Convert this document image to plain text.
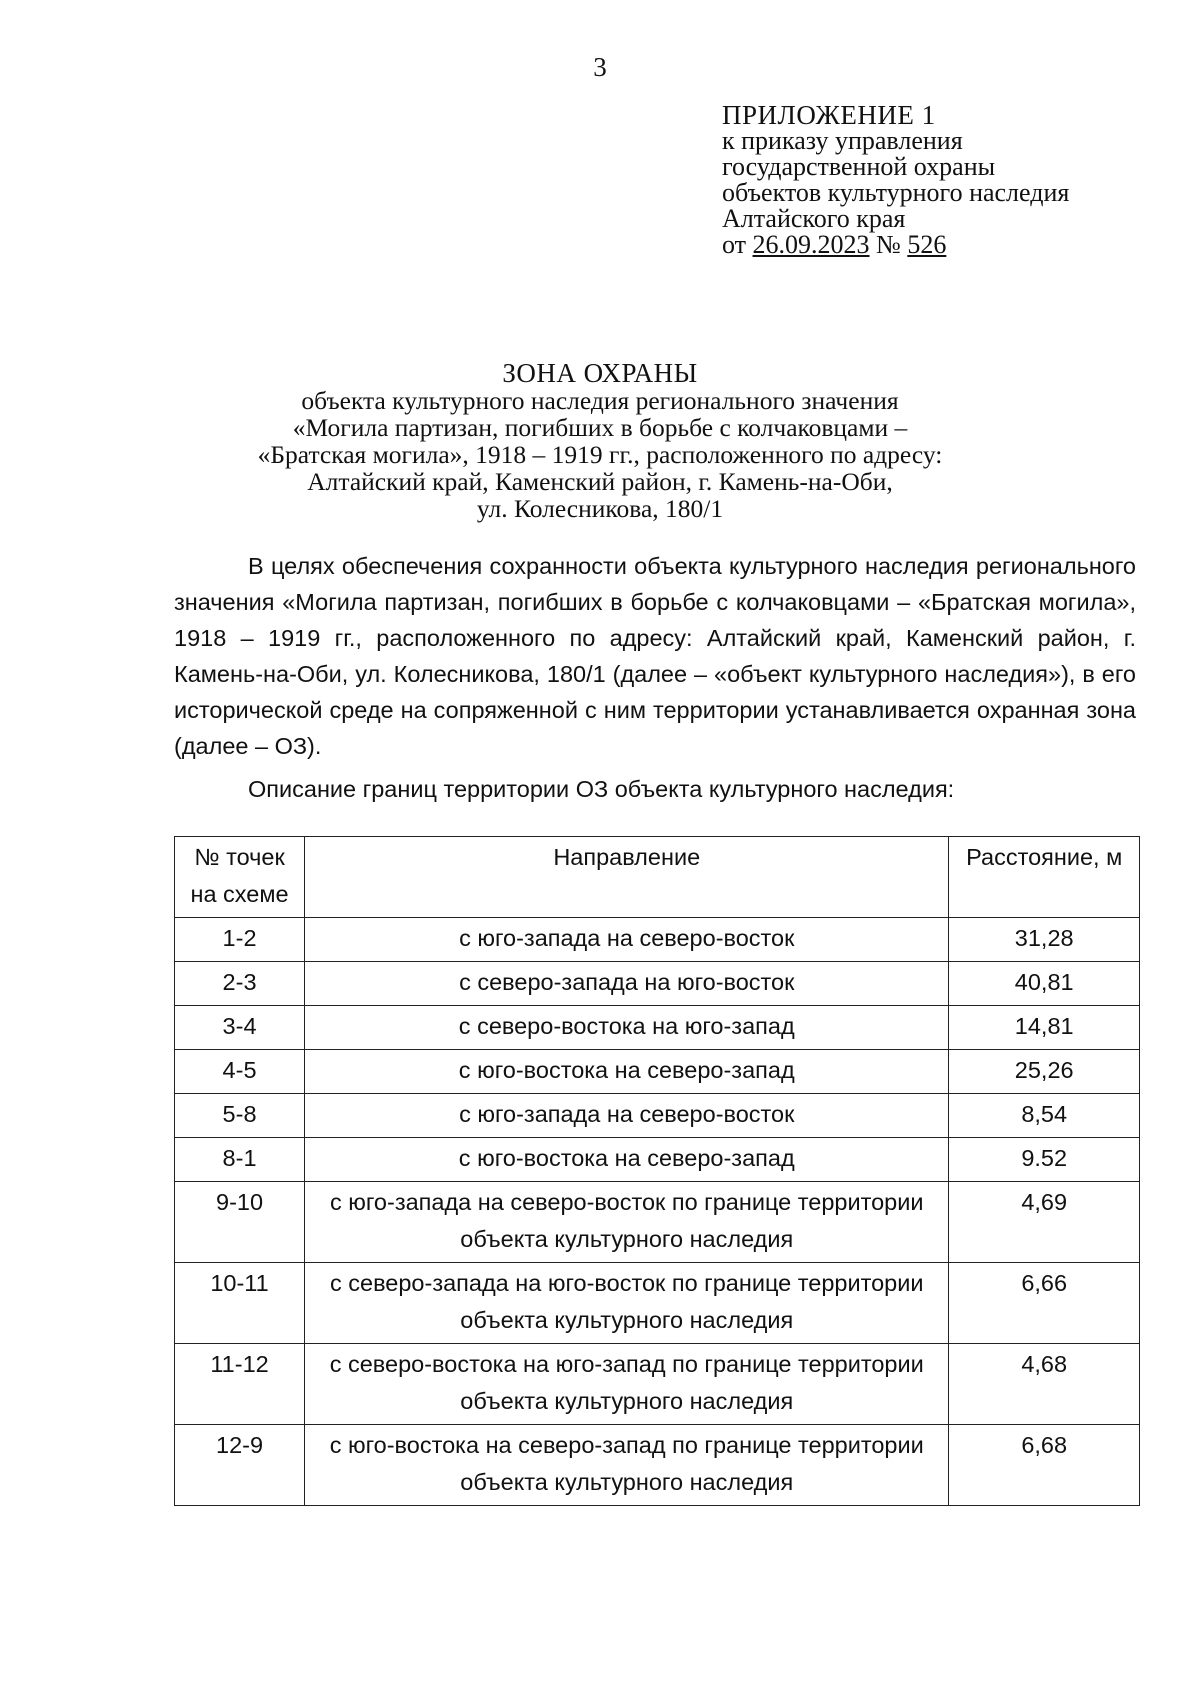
3
ПРИЛОЖЕНИЕ 1
к приказу управления
государственной охраны
объектов культурного наследия
Алтайского края
от 26.09.2023 № 526
ЗОНА ОХРАНЫ
объекта культурного наследия регионального значения
«Могила партизан, погибших в борьбе с колчаковцами –
«Братская могила», 1918 – 1919 гг., расположенного по адресу:
Алтайский край, Каменский район, г. Камень-на-Оби,
ул. Колесникова, 180/1

В целях обеспечения сохранности объекта культурного наследия регионального значения «Могила партизан, погибших в борьбе с колчаковцами – «Братская могила», 1918 – 1919 гг., расположенного по адресу: Алтайский край, Каменский район, г. Камень-на-Оби, ул. Колесникова, 180/1 (далее – «объект культурного наследия»), в его исторической среде на сопряженной с ним территории устанавливается охранная зона (далее – ОЗ).

Описание границ территории ОЗ объекта культурного наследия:

№ точек на схеме	Направление	Расстояние, м
1-2	с юго-запада на северо-восток	31,28
2-3	с северо-запада на юго-восток	40,81
3-4	с северо-востока на юго-запад	14,81
4-5	с юго-востока на северо-запад	25,26
5-8	с юго-запада на северо-восток	8,54
8-1	с юго-востока на северо-запад	9.52
9-10	с юго-запада на северо-восток по границе территории объекта культурного наследия	4,69
10-11	с северо-запада на юго-восток по границе территории объекта культурного наследия	6,66
11-12	с северо-востока на юго-запад по границе территории объекта культурного наследия	4,68
12-9	с юго-востока на северо-запад по границе территории объекта культурного наследия	6,68
